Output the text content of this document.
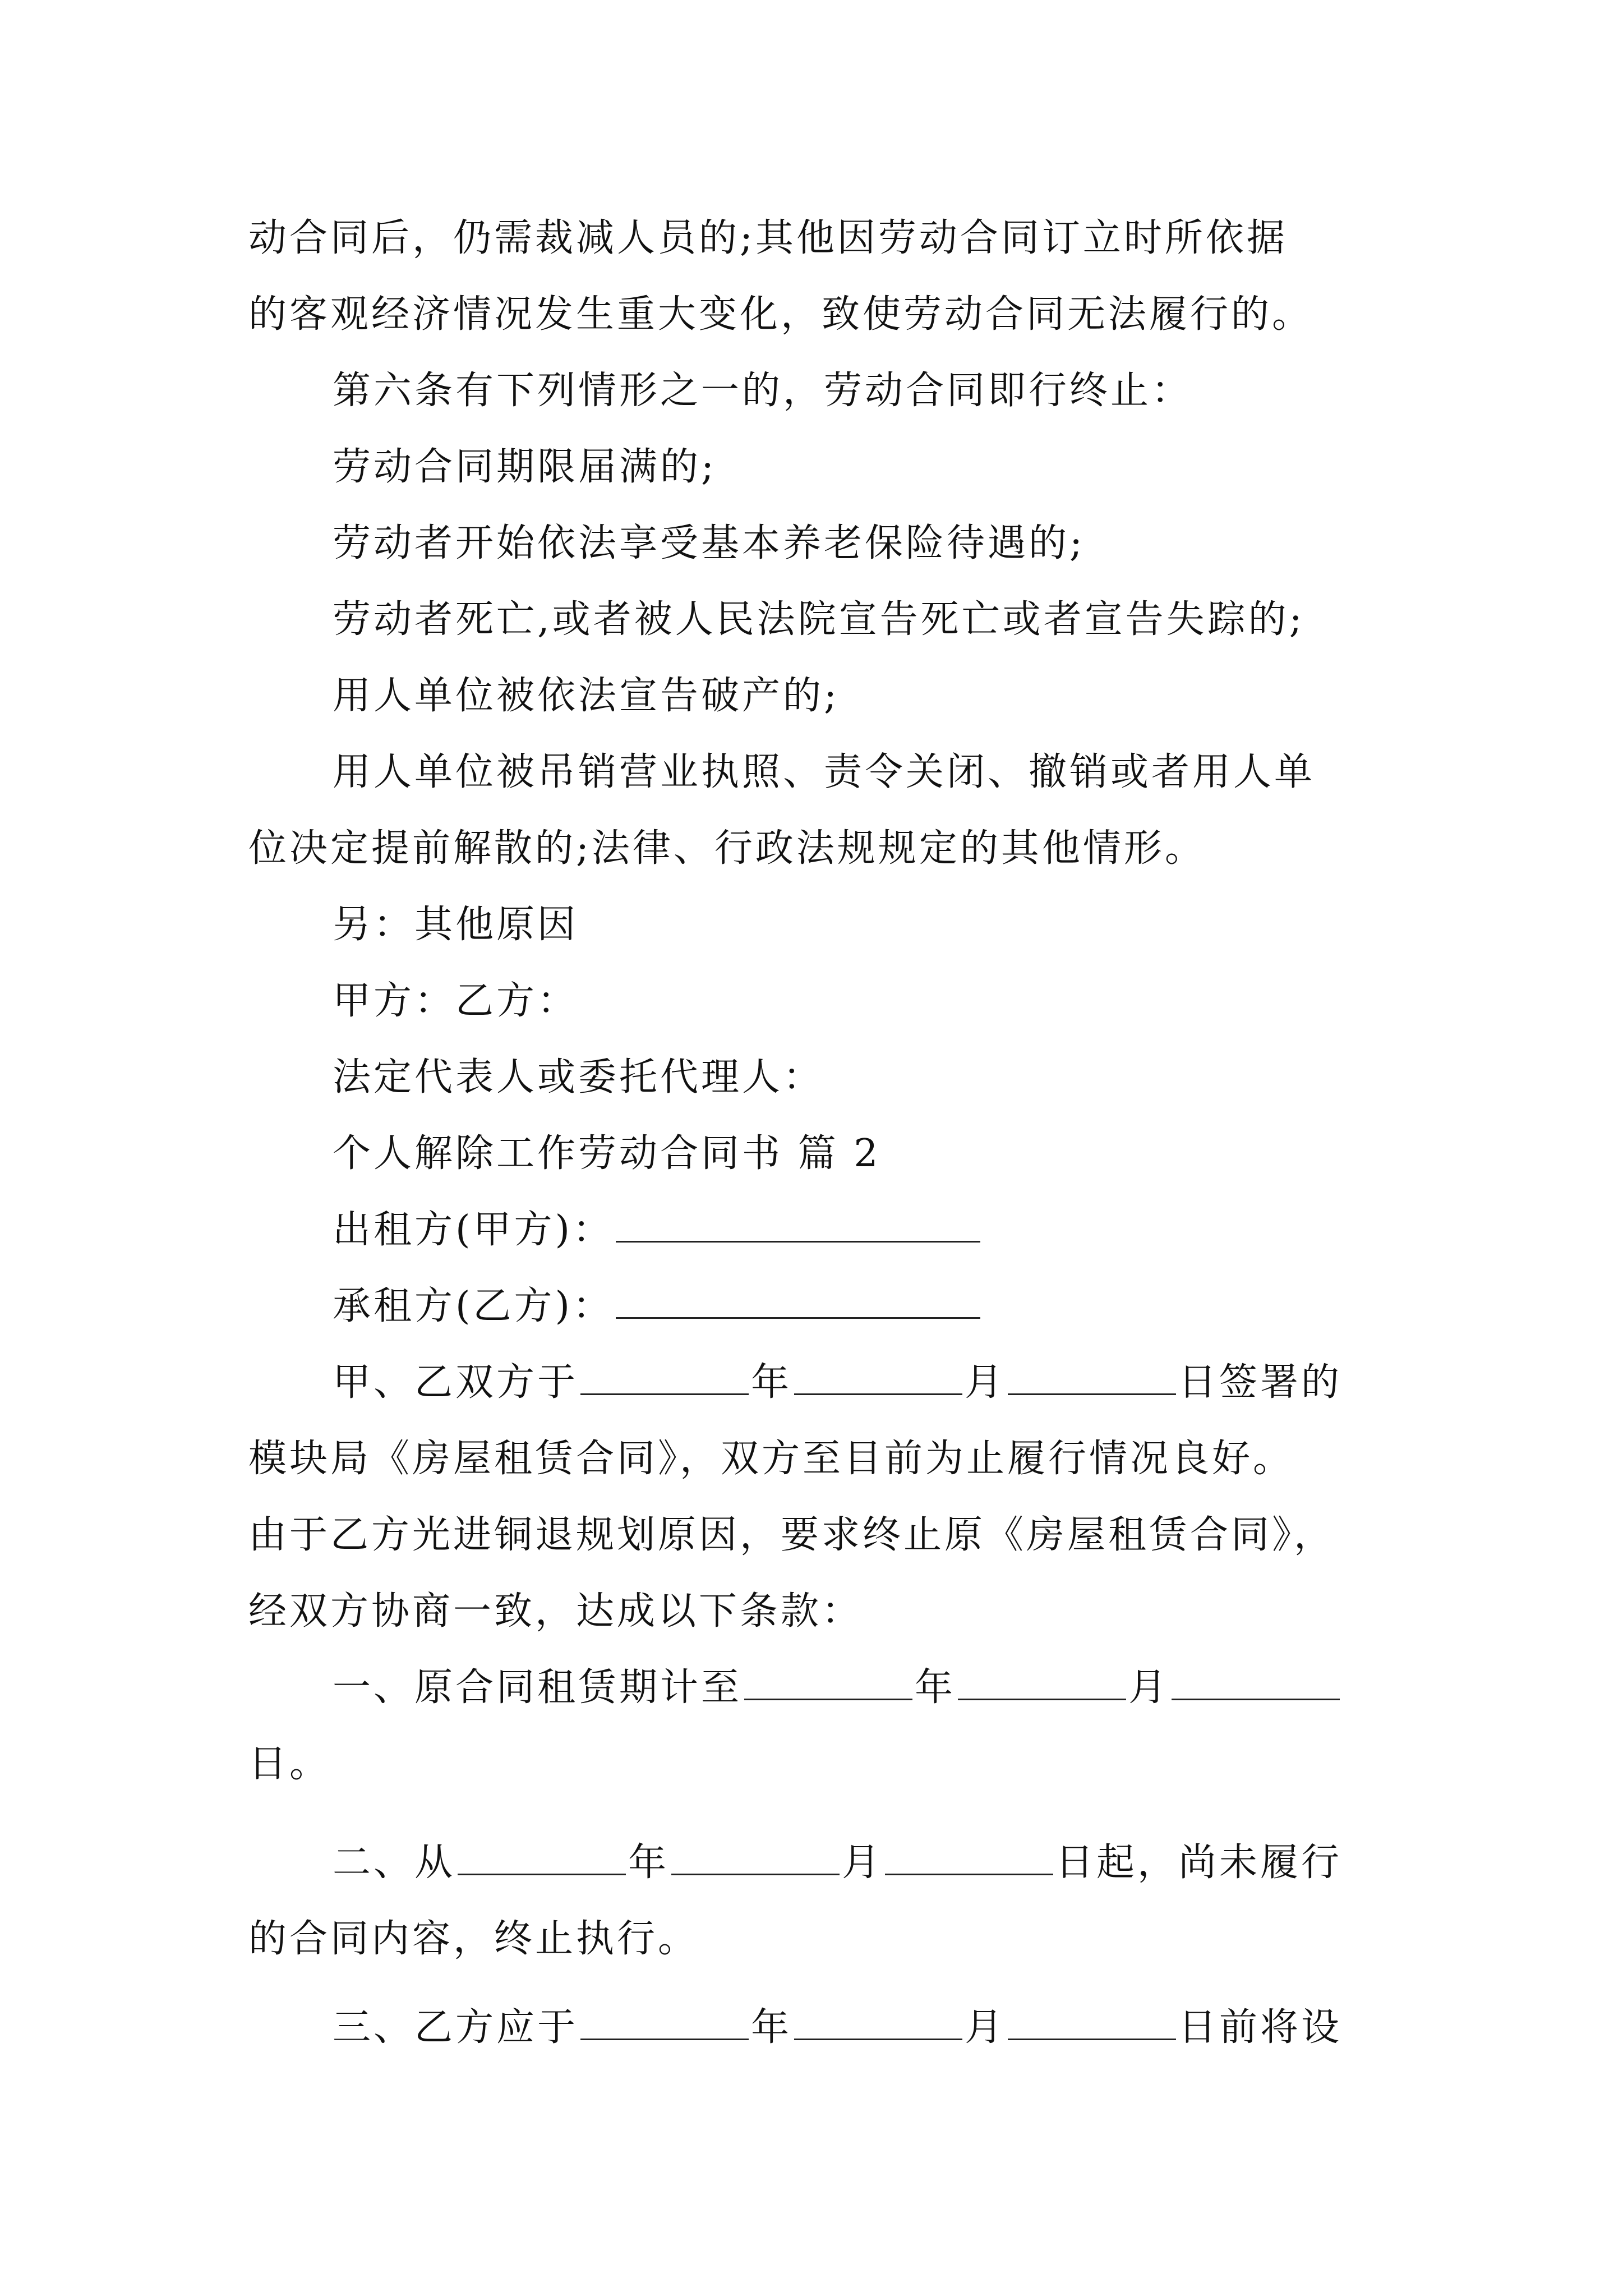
动合同后，仍需裁减人员的;其他因劳动合同订立时所依据
的客观经济情况发生重大变化，致使劳动合同无法履行的。
第六条有下列情形之一的，劳动合同即行终止：
劳动合同期限届满的;
劳动者开始依法享受基本养老保险待遇的;
劳动者死亡,或者被人民法院宣告死亡或者宣告失踪的;
用人单位被依法宣告破产的;
用人单位被吊销营业执照、责令关闭、撤销或者用人单
位决定提前解散的;法律、行政法规规定的其他情形。
另：其他原因
甲方：乙方：
法定代表人或委托代理人：
个人解除工作劳动合同书 篇 2
出租方(甲方)：
承租方(乙方)：
甲、乙双方于	年	月	日签署的
模块局《房屋租赁合同》，双方至目前为止履行情况良好。
由于乙方光进铜退规划原因，要求终止原《房屋租赁合同》，
经双方协商一致，达成以下条款：
一、原合同租赁期计至	年	月
日。
二、从	年	月	日起，尚未履行
的合同内容，终止执行。
三、乙方应于	年	月	日前将设
